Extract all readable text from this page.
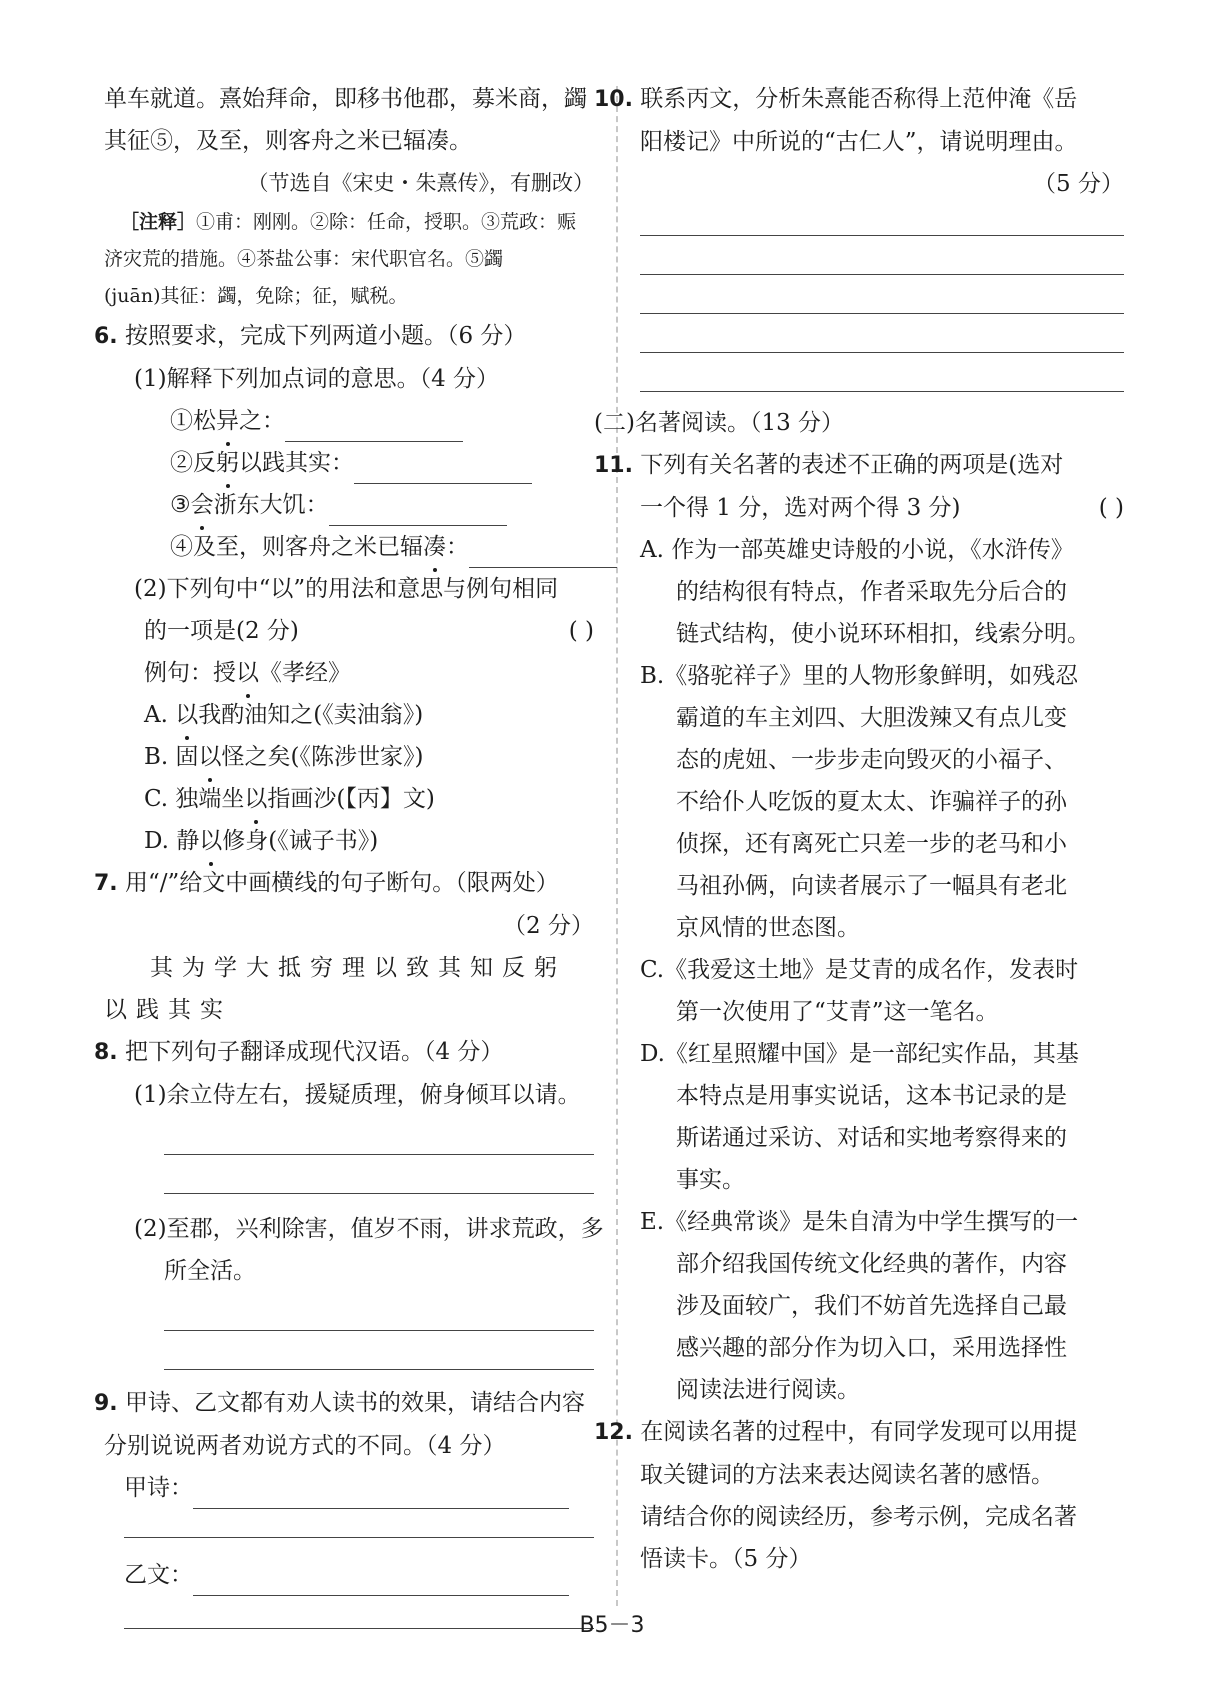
单车就道。熹始拜命，即移书他郡，募米商，蠲
其征⑤，及至，则客舟之米已辐凑。
（节选自《宋史・朱熹传》，有删改）
［注释］①甫：刚刚。②除：任命，授职。③荒政：赈
济灾荒的措施。④茶盐公事：宋代职官名。⑤蠲
(juān)其征：蠲，免除；征，赋税。
6. 按照要求，完成下列两道小题。（6 分）
(1)解释下列加点词的意思。（4 分）
①松异之：
②反躬以践其实：
③会浙东大饥：
④及至，则客舟之米已辐凑：
(2)下列句中“以”的用法和意思与例句相同
的一项是(2 分)	( )
例句：授以《孝经》
A. 以我酌油知之(《卖油翁》)
B. 固以怪之矣(《陈涉世家》)
C. 独端坐以指画沙(【丙】文)
D. 静以修身(《诫子书》)
7. 用“/”给文中画横线的句子断句。（限两处）
（2 分）
其为学大抵穷理以致其知反躬
以践其实
8. 把下列句子翻译成现代汉语。（4 分）
(1)余立侍左右，援疑质理，俯身倾耳以请。
(2)至郡，兴利除害，值岁不雨，讲求荒政，多
所全活。
9. 甲诗、乙文都有劝人读书的效果，请结合内容
分别说说两者劝说方式的不同。（4 分）
甲诗：
乙文：
10. 联系丙文，分析朱熹能否称得上范仲淹《岳
阳楼记》中所说的“古仁人”，请说明理由。
（5 分）
(二)名著阅读。（13 分）
11. 下列有关名著的表述不正确的两项是(选对
一个得 1 分，选对两个得 3 分)	( )
A. 作为一部英雄史诗般的小说，《水浒传》
的结构很有特点，作者采取先分后合的
链式结构，使小说环环相扣，线索分明。
B.《骆驼祥子》里的人物形象鲜明，如残忍
霸道的车主刘四、大胆泼辣又有点儿变
态的虎妞、一步步走向毁灭的小福子、
不给仆人吃饭的夏太太、诈骗祥子的孙
侦探，还有离死亡只差一步的老马和小
马祖孙俩，向读者展示了一幅具有老北
京风情的世态图。
C.《我爱这土地》是艾青的成名作，发表时
第一次使用了“艾青”这一笔名。
D.《红星照耀中国》是一部纪实作品，其基
本特点是用事实说话，这本书记录的是
斯诺通过采访、对话和实地考察得来的
事实。
E.《经典常谈》是朱自清为中学生撰写的一
部介绍我国传统文化经典的著作，内容
涉及面较广，我们不妨首先选择自己最
感兴趣的部分作为切入口，采用选择性
阅读法进行阅读。
12. 在阅读名著的过程中，有同学发现可以用提
取关键词的方法来表达阅读名著的感悟。
请结合你的阅读经历，参考示例，完成名著
悟读卡。（5 分）
B5－3
